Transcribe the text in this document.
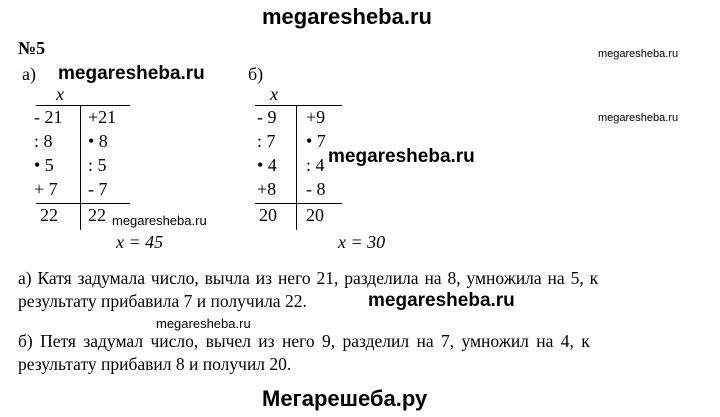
megaresheba.ru
megaresheba.ru
megaresheba.ru
№5
а) megaresheba.ru
x
- 21
: 8
• 5
+ 7
+21
• 8
: 5
- 7
22 22 megaresheba.ru
x = 45
б)
x
- 9
: 7
• 4
+8
+9
• 7
: 4
- 8
20 20
x = 30
megaresheba.ru
а) Катя задумала число, вычла из него 21, разделила на 8, умножила на 5, к
результату прибавила 7 и получила 22.	megaresheba.ru
megaresheba.ru
б) Петя задумал число, вычел из него 9, разделил на 7, умножил на 4, к
результату прибавил 8 и получил 20.
Мегарешеба.ру
